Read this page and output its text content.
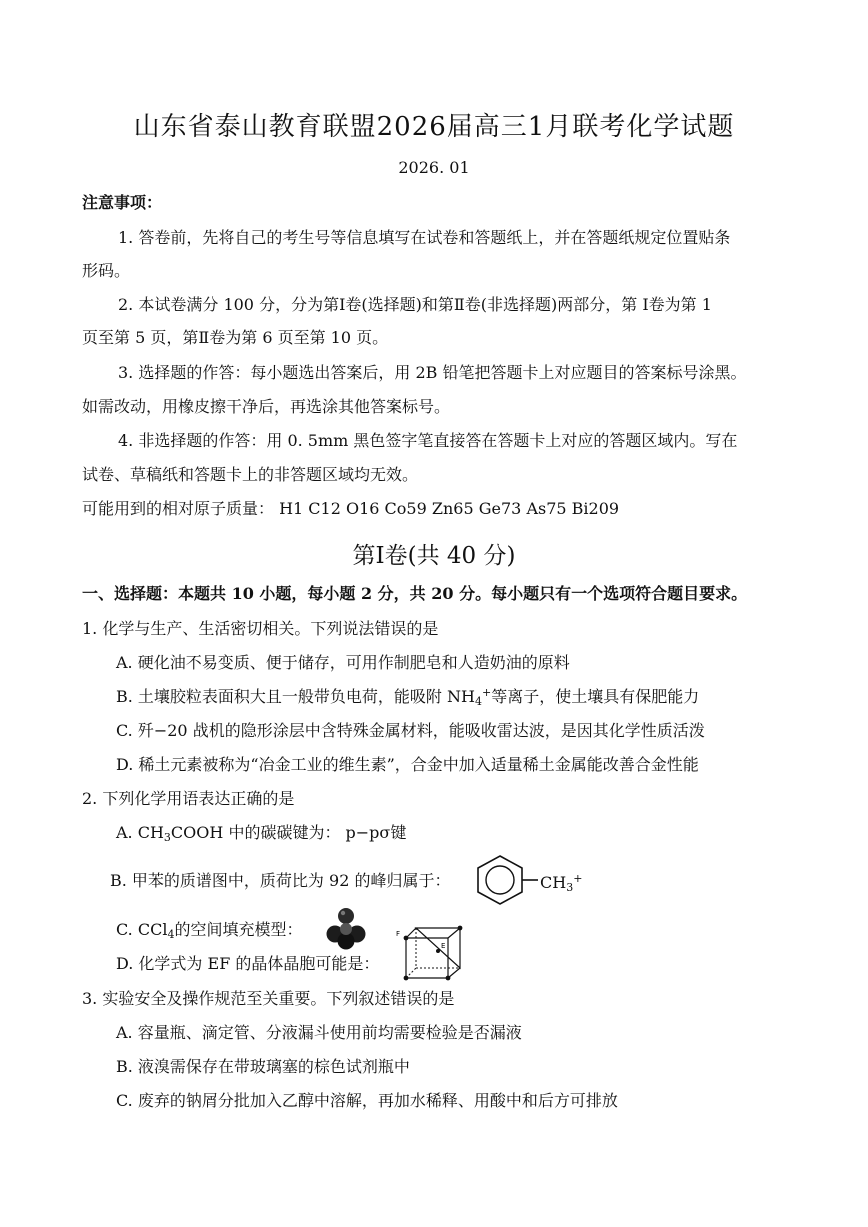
山东省泰山教育联盟2026届高三1月联考化学试题
2026. 01
注意事项：
1. 答卷前，先将自己的考生号等信息填写在试卷和答题纸上，并在答题纸规定位置贴条
形码。
2. 本试卷满分 100 分，分为第Ⅰ卷(选择题)和第Ⅱ卷(非选择题)两部分，第 Ⅰ卷为第 1
页至第 5 页，第Ⅱ卷为第 6 页至第 10 页。
3. 选择题的作答：每小题选出答案后，用 2B 铅笔把答题卡上对应题目的答案标号涂黑。
如需改动，用橡皮擦干净后，再选涂其他答案标号。
4. 非选择题的作答：用 0. 5mm 黑色签字笔直接答在答题卡上对应的答题区域内。写在
试卷、草稿纸和答题卡上的非答题区域均无效。
可能用到的相对原子质量： H1 C12 O16 Co59 Zn65 Ge73 As75 Bi209
第Ⅰ卷(共 40 分)
一、选择题：本题共 10 小题，每小题 2 分，共 20 分。每小题只有一个选项符合题目要求。
1. 化学与生产、生活密切相关。下列说法错误的是
A. 硬化油不易变质、便于储存，可用作制肥皂和人造奶油的原料
B. 土壤胶粒表面积大且一般带负电荷，能吸附 $NH_4^+$等离子，使土壤具有保肥能力
C. 歼−20 战机的隐形涂层中含特殊金属材料，能吸收雷达波，是因其化学性质活泼
D. 稀土元素被称为“冶金工业的维生素”，合金中加入适量稀土金属能改善合金性能
2. 下列化学用语表达正确的是
A. $CH_3COOH$ 中的碳碳键为： p−pσ键
B. 甲苯的质谱图中，质荷比为 92 的峰归属于：	$CH_3^+$
C. CCl$_4$的空间填充模型：
D. 化学式为 EF 的晶体晶胞可能是：
F
E
3. 实验安全及操作规范至关重要。下列叙述错误的是
A. 容量瓶、滴定管、分液漏斗使用前均需要检验是否漏液
B. 液溴需保存在带玻璃塞的棕色试剂瓶中
C. 废弃的钠屑分批加入乙醇中溶解，再加水稀释、用酸中和后方可排放
